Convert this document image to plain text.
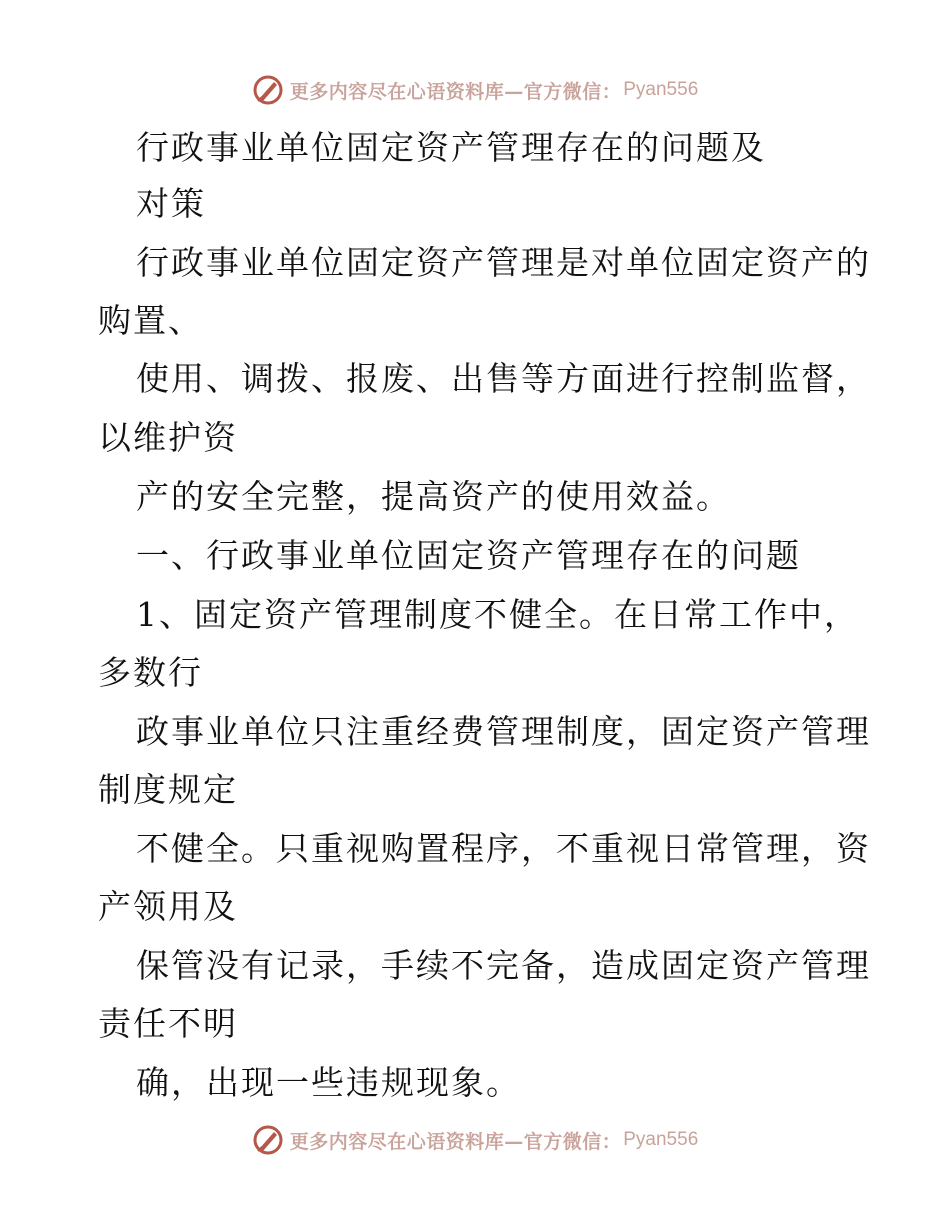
更多内容尽在心语资料库—官方微信： Pyan556
行政事业单位固定资产管理存在的问题及
对策
行政事业单位固定资产管理是对单位固定资产的
购置、
使用、调拨、报废、出售等方面进行控制监督，
以维护资
产的安全完整，提高资产的使用效益。
一、行政事业单位固定资产管理存在的问题
1、固定资产管理制度不健全。在日常工作中，
多数行
政事业单位只注重经费管理制度，固定资产管理
制度规定
不健全。只重视购置程序，不重视日常管理，资
产领用及
保管没有记录，手续不完备，造成固定资产管理
责任不明
确，出现一些违规现象。
更多内容尽在心语资料库—官方微信： Pyan556
